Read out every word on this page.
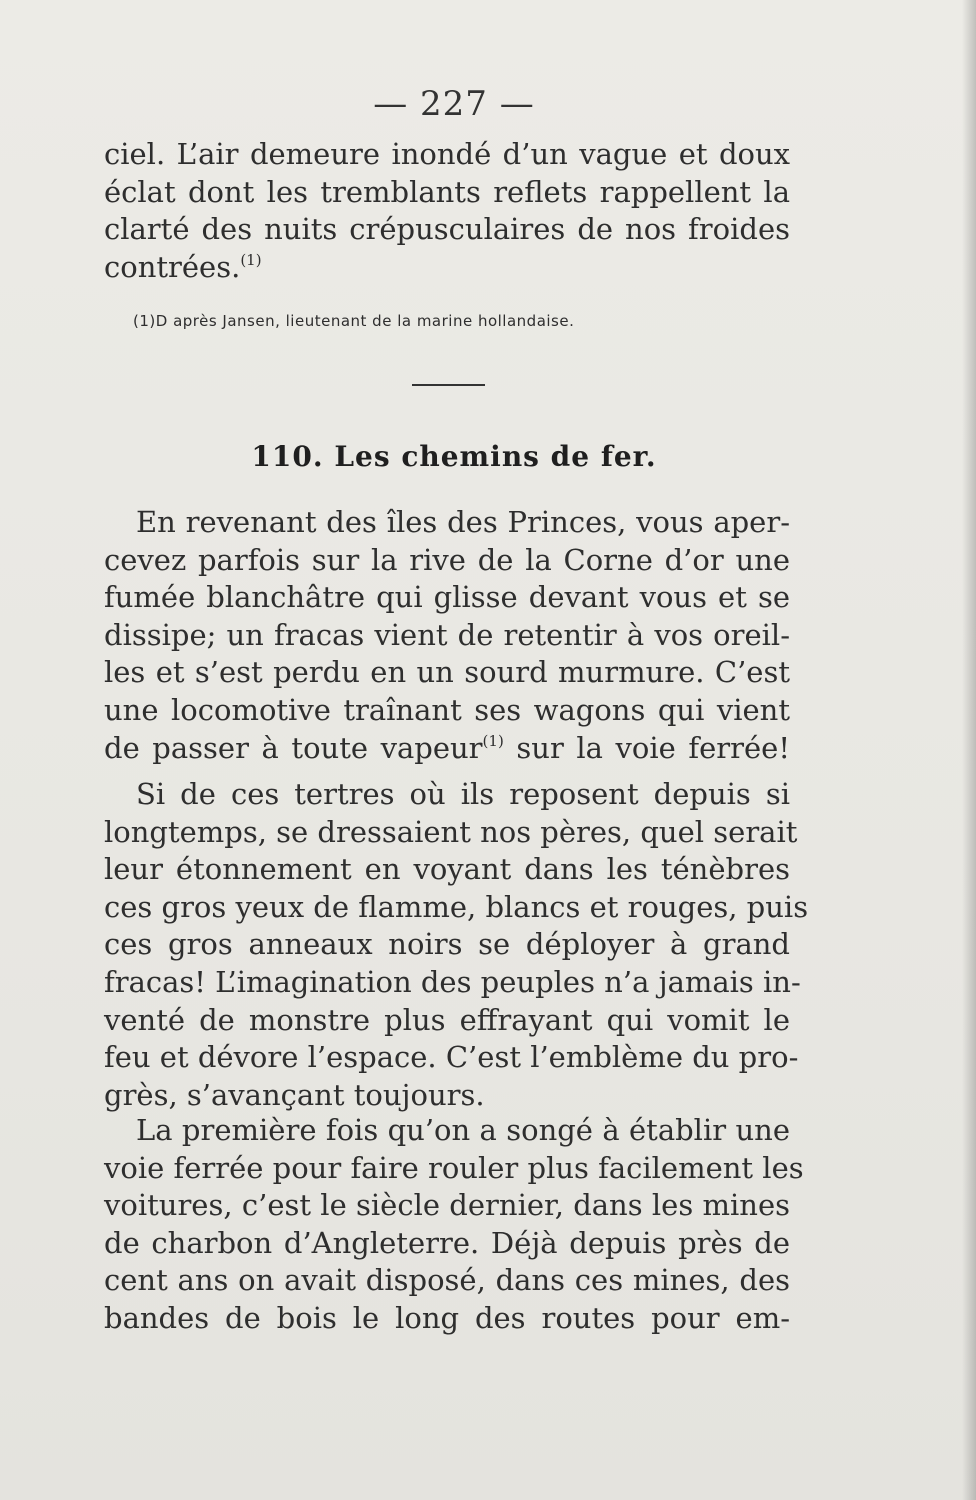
— 227 —
ciel. L’air demeure inondé d’un vague et doux
éclat dont les tremblants reflets rappellent la
clarté des nuits crépusculaires de nos froides
contrées.$^{(1)}$
(1)D après Jansen, lieutenant de la marine hollandaise.
110. Les chemins de fer.
En revenant des îles des Princes, vous aper-
cevez parfois sur la rive de la Corne d’or une
fumée blanchâtre qui glisse devant vous et se
dissipe; un fracas vient de retentir à vos oreil-
les et s’est perdu en un sourd murmure. C’est
une locomotive traînant ses wagons qui vient
de passer à toute vapeur$^{(1)}$ sur la voie ferrée!
Si de ces tertres où ils reposent depuis si
longtemps, se dressaient nos pères, quel serait
leur étonnement en voyant dans les ténèbres
ces gros yeux de flamme, blancs et rouges, puis
ces gros anneaux noirs se déployer à grand
fracas! L’imagination des peuples n’a jamais in-
venté de monstre plus effrayant qui vomit le
feu et dévore l’espace. C’est l’emblème du pro-
grès, s’avançant toujours.
La première fois qu’on a songé à établir une
voie ferrée pour faire rouler plus facilement les
voitures, c’est le siècle dernier, dans les mines
de charbon d’Angleterre. Déjà depuis près de
cent ans on avait disposé, dans ces mines, des
bandes de bois le long des routes pour em-
